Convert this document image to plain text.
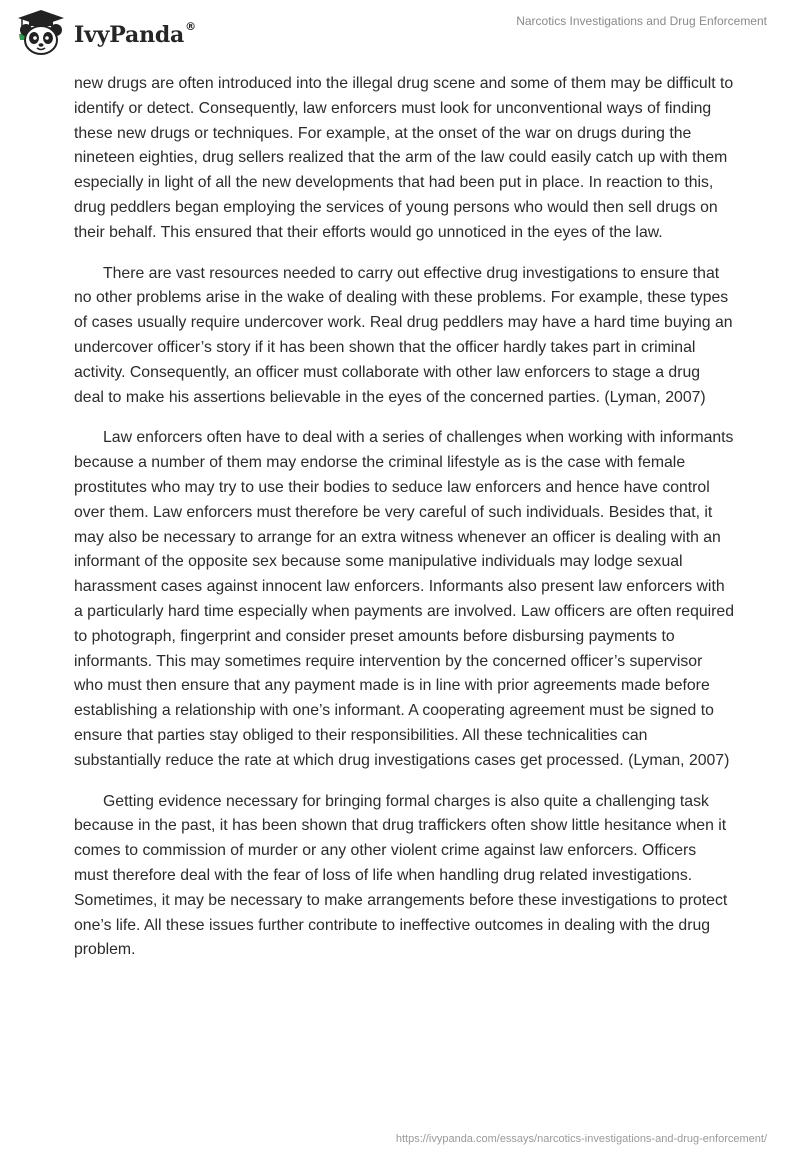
IvyPanda®	Narcotics Investigations and Drug Enforcement

new drugs are often introduced into the illegal drug scene and some of them may be difficult to identify or detect. Consequently, law enforcers must look for unconventional ways of finding these new drugs or techniques. For example, at the onset of the war on drugs during the nineteen eighties, drug sellers realized that the arm of the law could easily catch up with them especially in light of all the new developments that had been put in place. In reaction to this, drug peddlers began employing the services of young persons who would then sell drugs on their behalf. This ensured that their efforts would go unnoticed in the eyes of the law.

There are vast resources needed to carry out effective drug investigations to ensure that no other problems arise in the wake of dealing with these problems. For example, these types of cases usually require undercover work. Real drug peddlers may have a hard time buying an undercover officer’s story if it has been shown that the officer hardly takes part in criminal activity. Consequently, an officer must collaborate with other law enforcers to stage a drug deal to make his assertions believable in the eyes of the concerned parties. (Lyman, 2007)

Law enforcers often have to deal with a series of challenges when working with informants because a number of them may endorse the criminal lifestyle as is the case with female prostitutes who may try to use their bodies to seduce law enforcers and hence have control over them. Law enforcers must therefore be very careful of such individuals. Besides that, it may also be necessary to arrange for an extra witness whenever an officer is dealing with an informant of the opposite sex because some manipulative individuals may lodge sexual harassment cases against innocent law enforcers. Informants also present law enforcers with a particularly hard time especially when payments are involved. Law officers are often required to photograph, fingerprint and consider preset amounts before disbursing payments to informants. This may sometimes require intervention by the concerned officer’s supervisor who must then ensure that any payment made is in line with prior agreements made before establishing a relationship with one’s informant. A cooperating agreement must be signed to ensure that parties stay obliged to their responsibilities. All these technicalities can substantially reduce the rate at which drug investigations cases get processed. (Lyman, 2007)

Getting evidence necessary for bringing formal charges is also quite a challenging task because in the past, it has been shown that drug traffickers often show little hesitance when it comes to commission of murder or any other violent crime against law enforcers. Officers must therefore deal with the fear of loss of life when handling drug related investigations. Sometimes, it may be necessary to make arrangements before these investigations to protect one’s life. All these issues further contribute to ineffective outcomes in dealing with the drug problem.

https://ivypanda.com/essays/narcotics-investigations-and-drug-enforcement/
